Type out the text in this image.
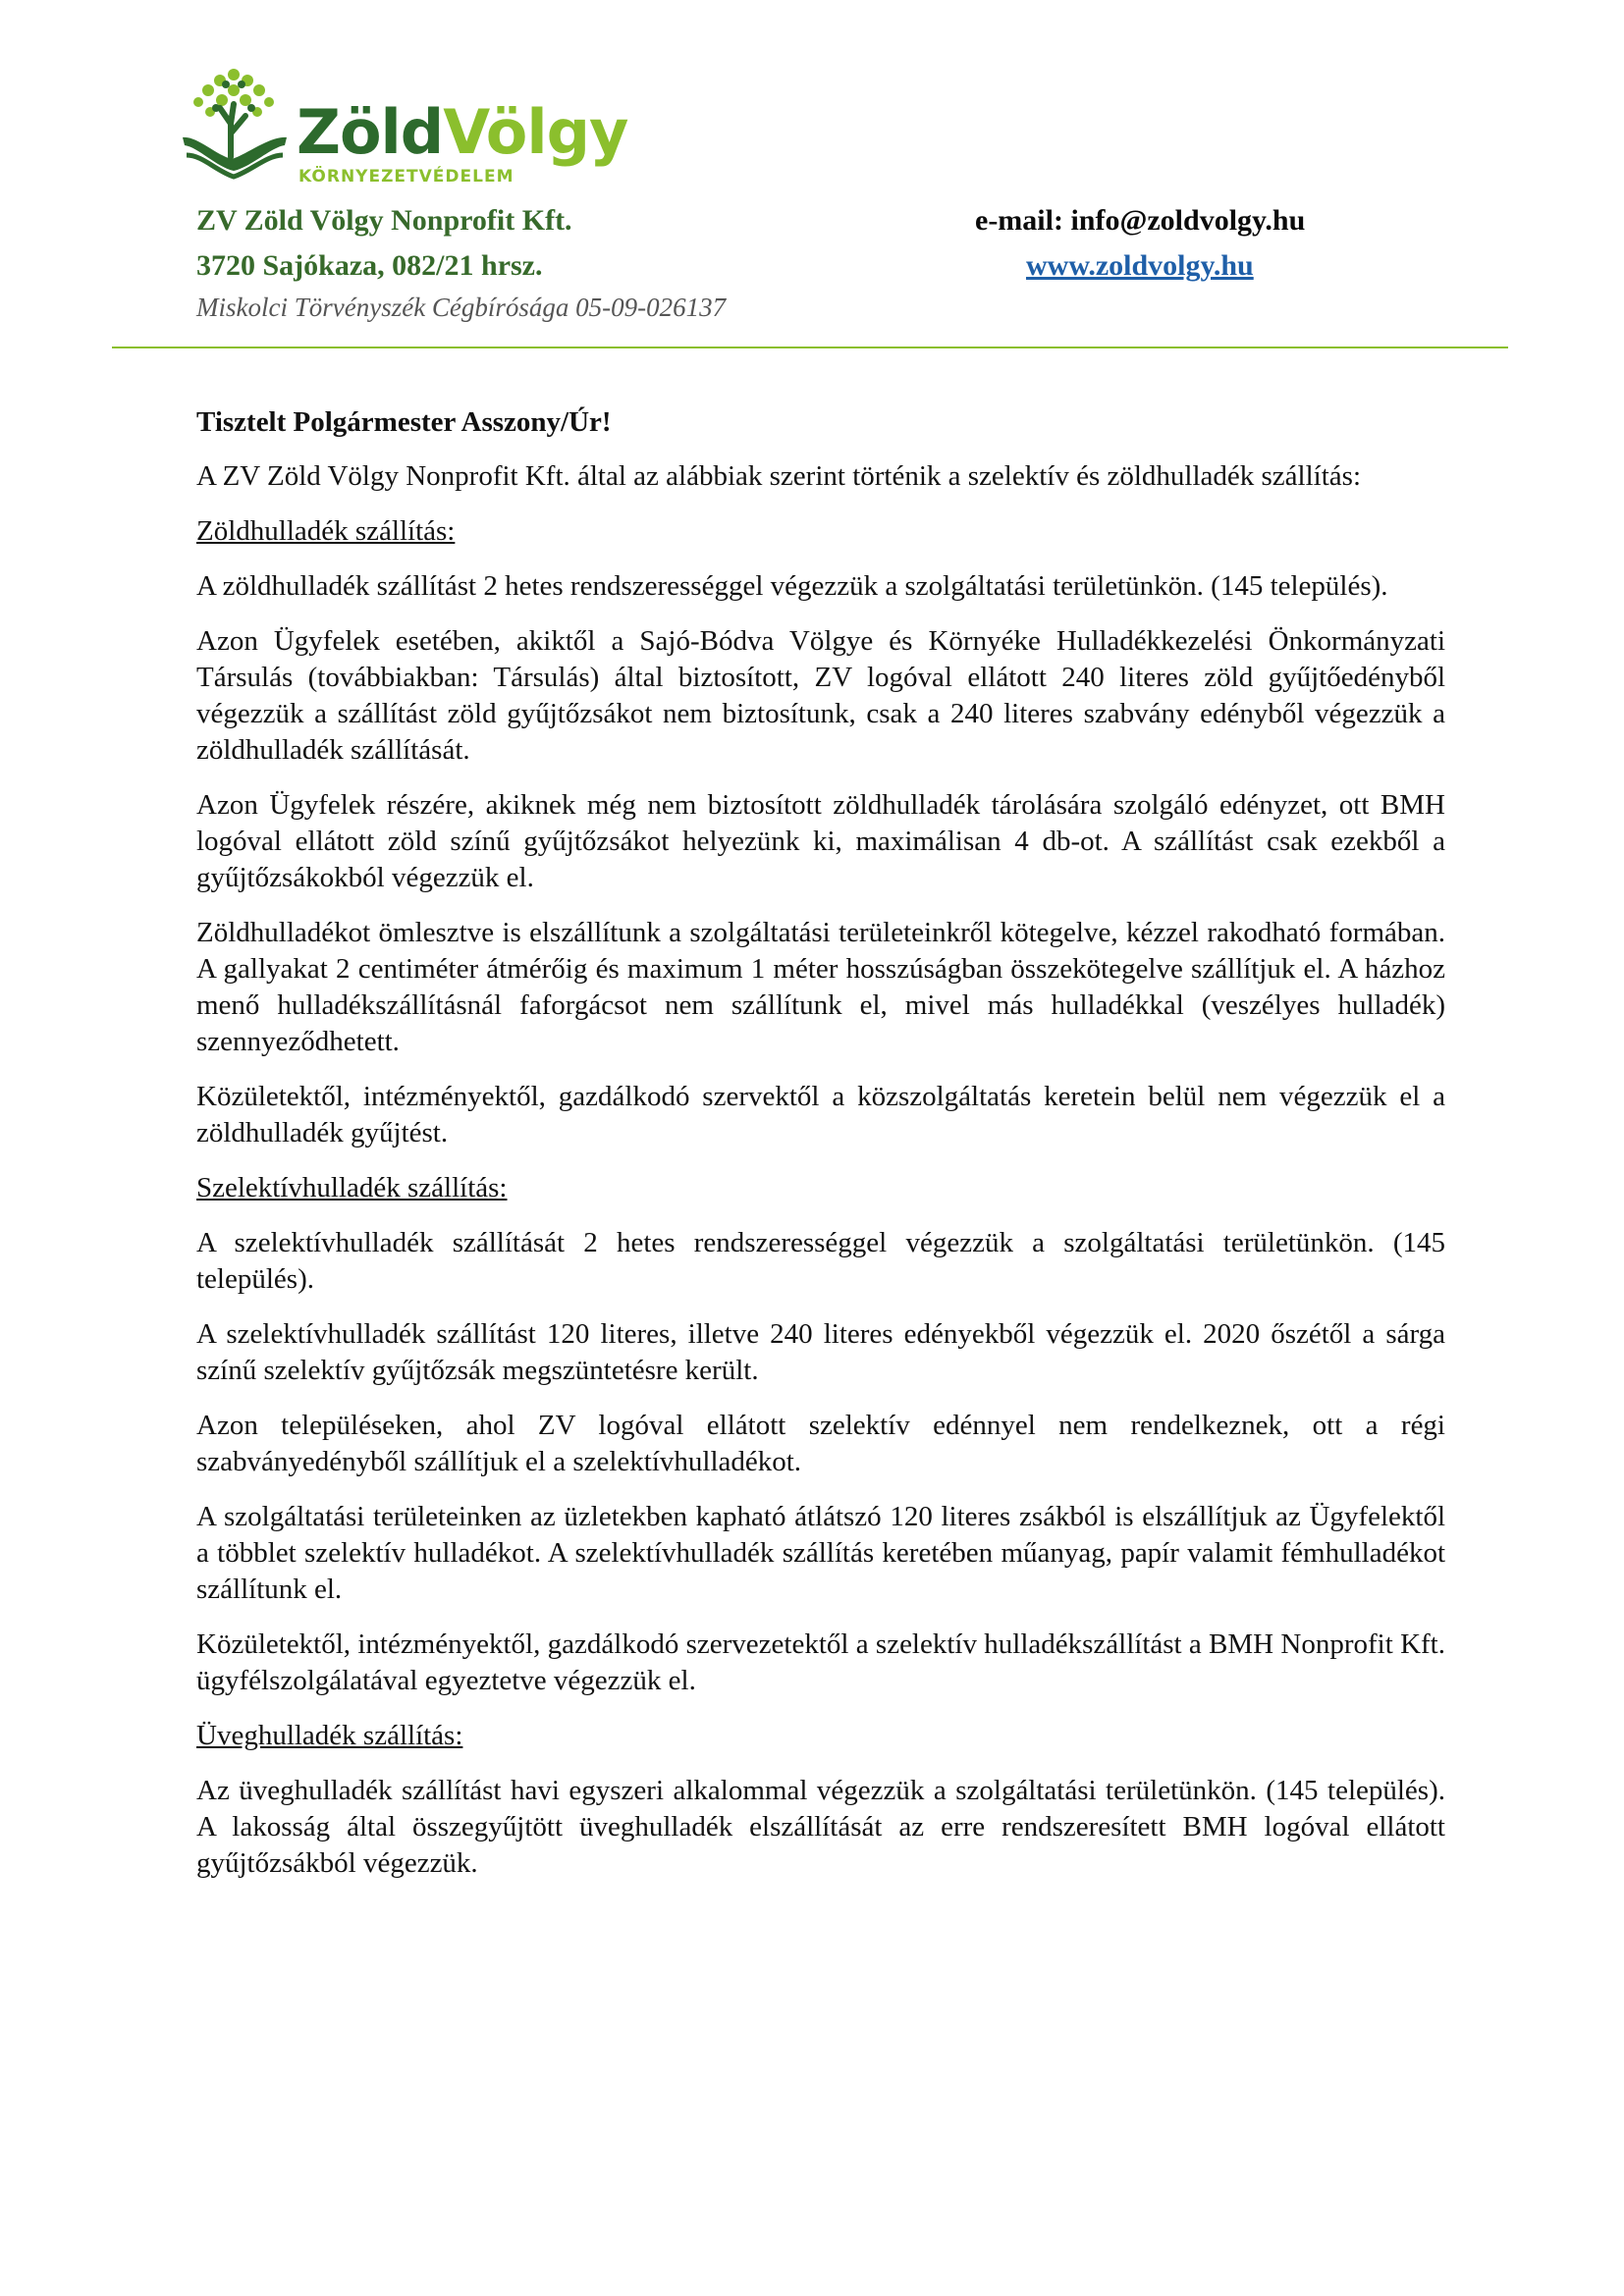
ZöldVölgy
KÖRNYEZETVÉDELEM
ZV Zöld Völgy Nonprofit Kft.
3720 Sajókaza, 082/21 hrsz.
Miskolci Törvényszék Cégbírósága 05-09-026137
e-mail: info@zoldvolgy.hu
www.zoldvolgy.hu

Tisztelt Polgármester Asszony/Úr!

A ZV Zöld Völgy Nonprofit Kft. által az alábbiak szerint történik a szelektív és zöldhulladék szállítás:

Zöldhulladék szállítás:

A zöldhulladék szállítást 2 hetes rendszerességgel végezzük a szolgáltatási területünkön. (145 település).

Azon Ügyfelek esetében, akiktől a Sajó-Bódva Völgye és Környéke Hulladékkezelési Önkormányzati Társulás (továbbiakban: Társulás) által biztosított, ZV logóval ellátott 240 literes zöld gyűjtőedényből végezzük a szállítást zöld gyűjtőzsákot nem biztosítunk, csak a 240 literes szabvány edényből végezzük a zöldhulladék szállítását.

Azon Ügyfelek részére, akiknek még nem biztosított zöldhulladék tárolására szolgáló edényzet, ott BMH logóval ellátott zöld színű gyűjtőzsákot helyezünk ki, maximálisan 4 db-ot. A szállítást csak ezekből a gyűjtőzsákokból végezzük el.

Zöldhulladékot ömlesztve is elszállítunk a szolgáltatási területeinkről kötegelve, kézzel rakodható formában. A gallyakat 2 centiméter átmérőig és maximum 1 méter hosszúságban összekötegelve szállítjuk el. A házhoz menő hulladékszállításnál faforgácsot nem szállítunk el, mivel más hulladékkal (veszélyes hulladék) szennyeződhetett.

Közületektől, intézményektől, gazdálkodó szervektől a közszolgáltatás keretein belül nem végezzük el a zöldhulladék gyűjtést.

Szelektívhulladék szállítás:

A szelektívhulladék szállítását 2 hetes rendszerességgel végezzük a szolgáltatási területünkön. (145 település).

A szelektívhulladék szállítást 120 literes, illetve 240 literes edényekből végezzük el. 2020 őszétől a sárga színű szelektív gyűjtőzsák megszüntetésre került.

Azon településeken, ahol ZV logóval ellátott szelektív edénnyel nem rendelkeznek, ott a régi szabványedényből szállítjuk el a szelektívhulladékot.

A szolgáltatási területeinken az üzletekben kapható átlátszó 120 literes zsákból is elszállítjuk az Ügyfelektől a többlet szelektív hulladékot. A szelektívhulladék szállítás keretében műanyag, papír valamit fémhulladékot szállítunk el.

Közületektől, intézményektől, gazdálkodó szervezetektől a szelektív hulladékszállítást a BMH Nonprofit Kft. ügyfélszolgálatával egyeztetve végezzük el.

Üveghulladék szállítás:

Az üveghulladék szállítást havi egyszeri alkalommal végezzük a szolgáltatási területünkön. (145 település). A lakosság által összegyűjtött üveghulladék elszállítását az erre rendszeresített BMH logóval ellátott gyűjtőzsákból végezzük.
